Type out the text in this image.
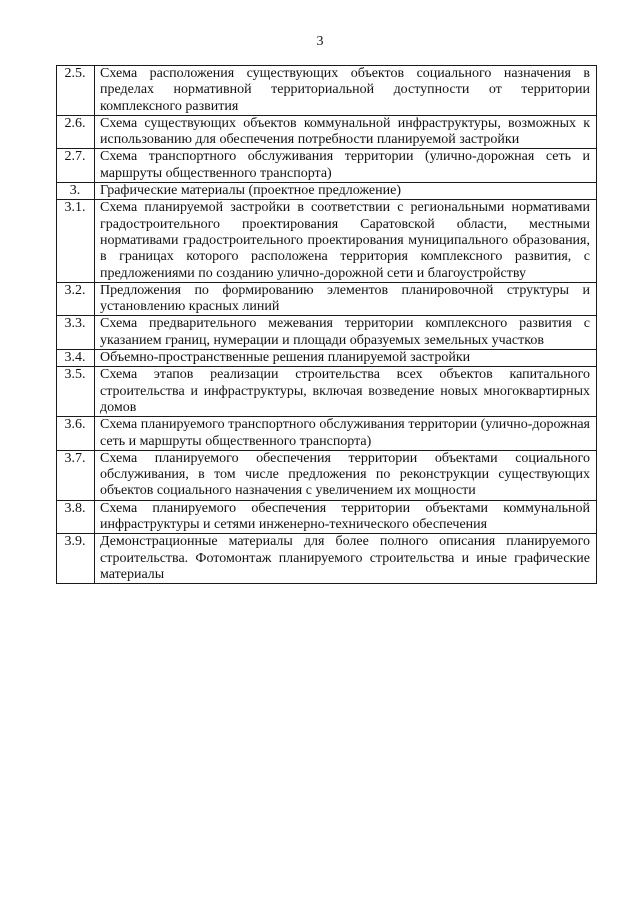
3
2.5.	Схема расположения существующих объектов социального назначения в пределах нормативной территориальной доступности от территории комплексного развития
2.6.	Схема существующих объектов коммунальной инфраструктуры, возможных к использованию для обеспечения потребности планируемой застройки
2.7.	Схема транспортного обслуживания территории (улично-дорожная сеть и маршруты общественного транспорта)
3.	Графические материалы (проектное предложение)
3.1.	Схема планируемой застройки в соответствии с региональными нормативами градостроительного проектирования Саратовской области, местными нормативами градостроительного проектирования муниципального образования, в границах которого расположена территория комплексного развития, с предложениями по созданию улично-дорожной сети и благоустройству
3.2.	Предложения по формированию элементов планировочной структуры и установлению красных линий
3.3.	Схема предварительного межевания территории комплексного развития с указанием границ, нумерации и площади образуемых земельных участков
3.4.	Объемно-пространственные решения планируемой застройки
3.5.	Схема этапов реализации строительства всех объектов капитального строительства и инфраструктуры, включая возведение новых многоквартирных домов
3.6.	Схема планируемого транспортного обслуживания территории (улично-дорожная сеть и маршруты общественного транспорта)
3.7.	Схема планируемого обеспечения территории объектами социального обслуживания, в том числе предложения по реконструкции существующих объектов социального назначения с увеличением их мощности
3.8.	Схема планируемого обеспечения территории объектами коммунальной инфраструктуры и сетями инженерно-технического обеспечения
3.9.	Демонстрационные материалы для более полного описания планируемого строительства. Фотомонтаж планируемого строительства и иные графические материалы
